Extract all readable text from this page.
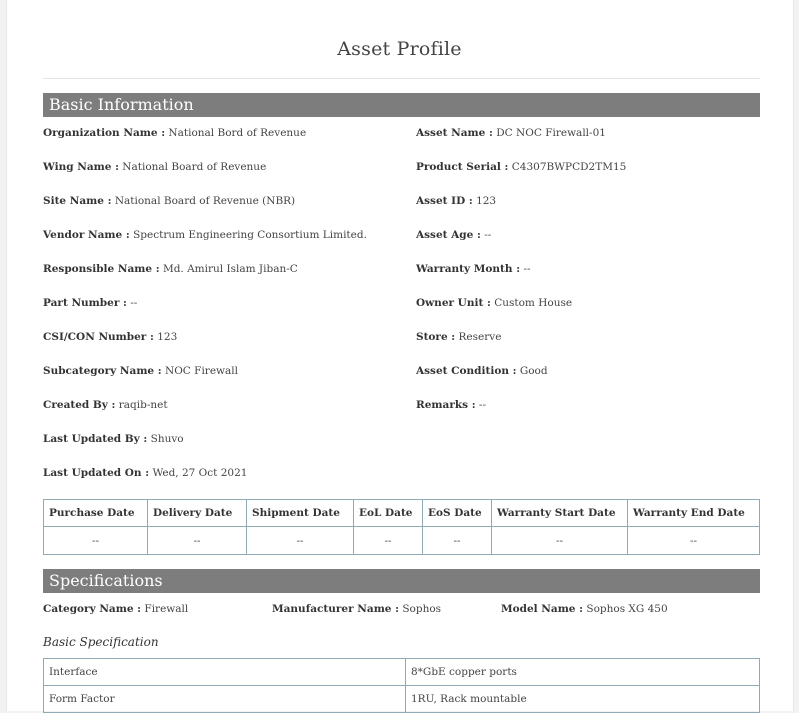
Asset Profile
Basic Information
Organization Name : National Bord of Revenue
Wing Name : National Board of Revenue
Site Name : National Board of Revenue (NBR)
Vendor Name : Spectrum Engineering Consortium Limited.
Responsible Name : Md. Amirul Islam Jiban-C
Part Number : --
CSI/CON Number : 123
Subcategory Name : NOC Firewall
Created By : raqib-net
Last Updated By : Shuvo
Last Updated On : Wed, 27 Oct 2021
Asset Name : DC NOC Firewall-01
Product Serial : C4307BWPCD2TM15
Asset ID : 123
Asset Age : --
Warranty Month : --
Owner Unit : Custom House
Store : Reserve
Asset Condition : Good
Remarks : --
Purchase Date	Delivery Date	Shipment Date	EoL Date	EoS Date	Warranty Start Date	Warranty End Date
--	--	--	--	--	--	--
Specifications
Category Name : Firewall	Manufacturer Name : Sophos	Model Name : Sophos XG 450
Basic Specification
Interface	8*GbE copper ports
Form Factor	1RU, Rack mountable
